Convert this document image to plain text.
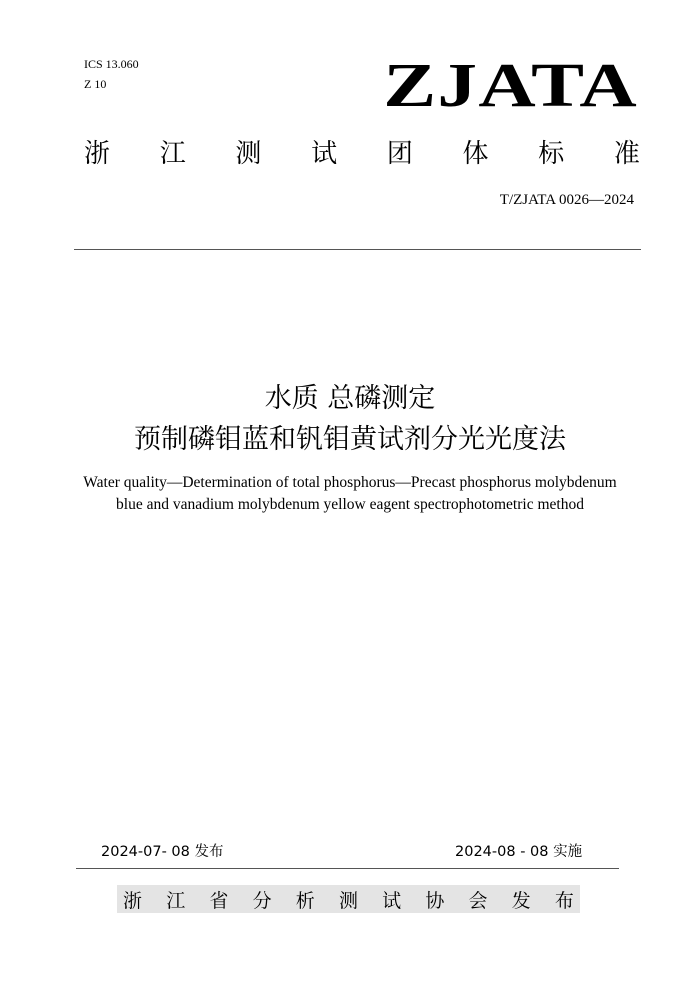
ICS 13.060
Z 10	ZJATA
浙 江 测 试 团 体 标 准
T/ZJATA 0026—2024
水质 总磷测定
预制磷钼蓝和钒钼黄试剂分光光度法
Water quality—Determination of total phosphorus—Precast phosphorus molybdenum
blue and vanadium molybdenum yellow eagent spectrophotometric method
2024-07- 08 发布	2024-08 - 08 实施
浙 江 省 分 析 测 试 协 会 发 布
